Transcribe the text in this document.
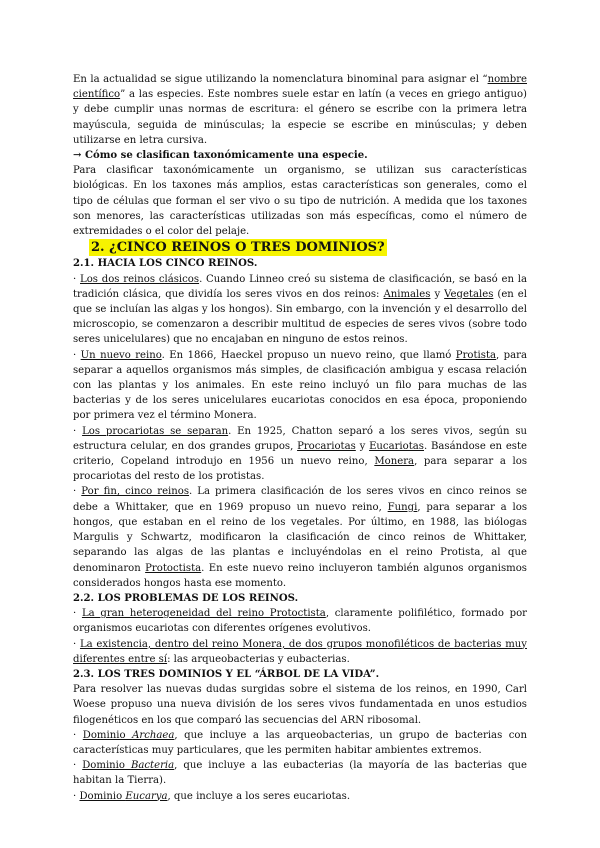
En la actualidad se sigue utilizando la nomenclatura binominal para asignar el “nombre científico” a las especies. Este nombres suele estar en latín (a veces en griego antiguo) y debe cumplir unas normas de escritura: el género se escribe con la primera letra mayúscula, seguida de minúsculas; la especie se escribe en minúsculas; y deben utilizarse en letra cursiva.

→ Cómo se clasifican taxonómicamente una especie.

Para clasificar taxonómicamente un organismo, se utilizan sus características biológicas. En los taxones más amplios, estas características son generales, como el tipo de células que forman el ser vivo o su tipo de nutrición. A medida que los taxones son menores, las características utilizadas son más específicas, como el número de extremidades o el color del pelaje.

2. ¿CINCO REINOS O TRES DOMINIOS?

2.1. HACIA LOS CINCO REINOS.

· Los dos reinos clásicos. Cuando Linneo creó su sistema de clasificación, se basó en la tradición clásica, que dividía los seres vivos en dos reinos: Animales y Vegetales (en el que se incluían las algas y los hongos). Sin embargo, con la invención y el desarrollo del microscopio, se comenzaron a describir multitud de especies de seres vivos (sobre todo seres unicelulares) que no encajaban en ninguno de estos reinos.

· Un nuevo reino. En 1866, Haeckel propuso un nuevo reino, que llamó Protista, para separar a aquellos organismos más simples, de clasificación ambigua y escasa relación con las plantas y los animales. En este reino incluyó un filo para muchas de las bacterias y de los seres unicelulares eucariotas conocidos en esa época, proponiendo por primera vez el término Monera.

· Los procariotas se separan. En 1925, Chatton separó a los seres vivos, según su estructura celular, en dos grandes grupos, Procariotas y Eucariotas. Basándose en este criterio, Copeland introdujo en 1956 un nuevo reino, Monera, para separar a los procariotas del resto de los protistas.

· Por fin, cinco reinos. La primera clasificación de los seres vivos en cinco reinos se debe a Whittaker, que en 1969 propuso un nuevo reino, Fungi, para separar a los hongos, que estaban en el reino de los vegetales. Por último, en 1988, las biólogas Margulis y Schwartz, modificaron la clasificación de cinco reinos de Whittaker, separando las algas de las plantas e incluyéndolas en el reino Protista, al que denominaron Protoctista. En este nuevo reino incluyeron también algunos organismos considerados hongos hasta ese momento.

2.2. LOS PROBLEMAS DE LOS REINOS.

· La gran heterogeneidad del reino Protoctista, claramente polifilético, formado por organismos eucariotas con diferentes orígenes evolutivos.

· La existencia, dentro del reino Monera, de dos grupos monofiléticos de bacterias muy diferentes entre sí: las arqueobacterias y eubacterias.

2.3. LOS TRES DOMINIOS Y EL “ÁRBOL DE LA VIDA”.

Para resolver las nuevas dudas surgidas sobre el sistema de los reinos, en 1990, Carl Woese propuso una nueva división de los seres vivos fundamentada en unos estudios filogenéticos en los que comparó las secuencias del ARN ribosomal.

· Dominio Archaea, que incluye a las arqueobacterias, un grupo de bacterias con características muy particulares, que les permiten habitar ambientes extremos.

· Dominio Bacteria, que incluye a las eubacterias (la mayoría de las bacterias que habitan la Tierra).

· Dominio Eucarya, que incluye a los seres eucariotas.
